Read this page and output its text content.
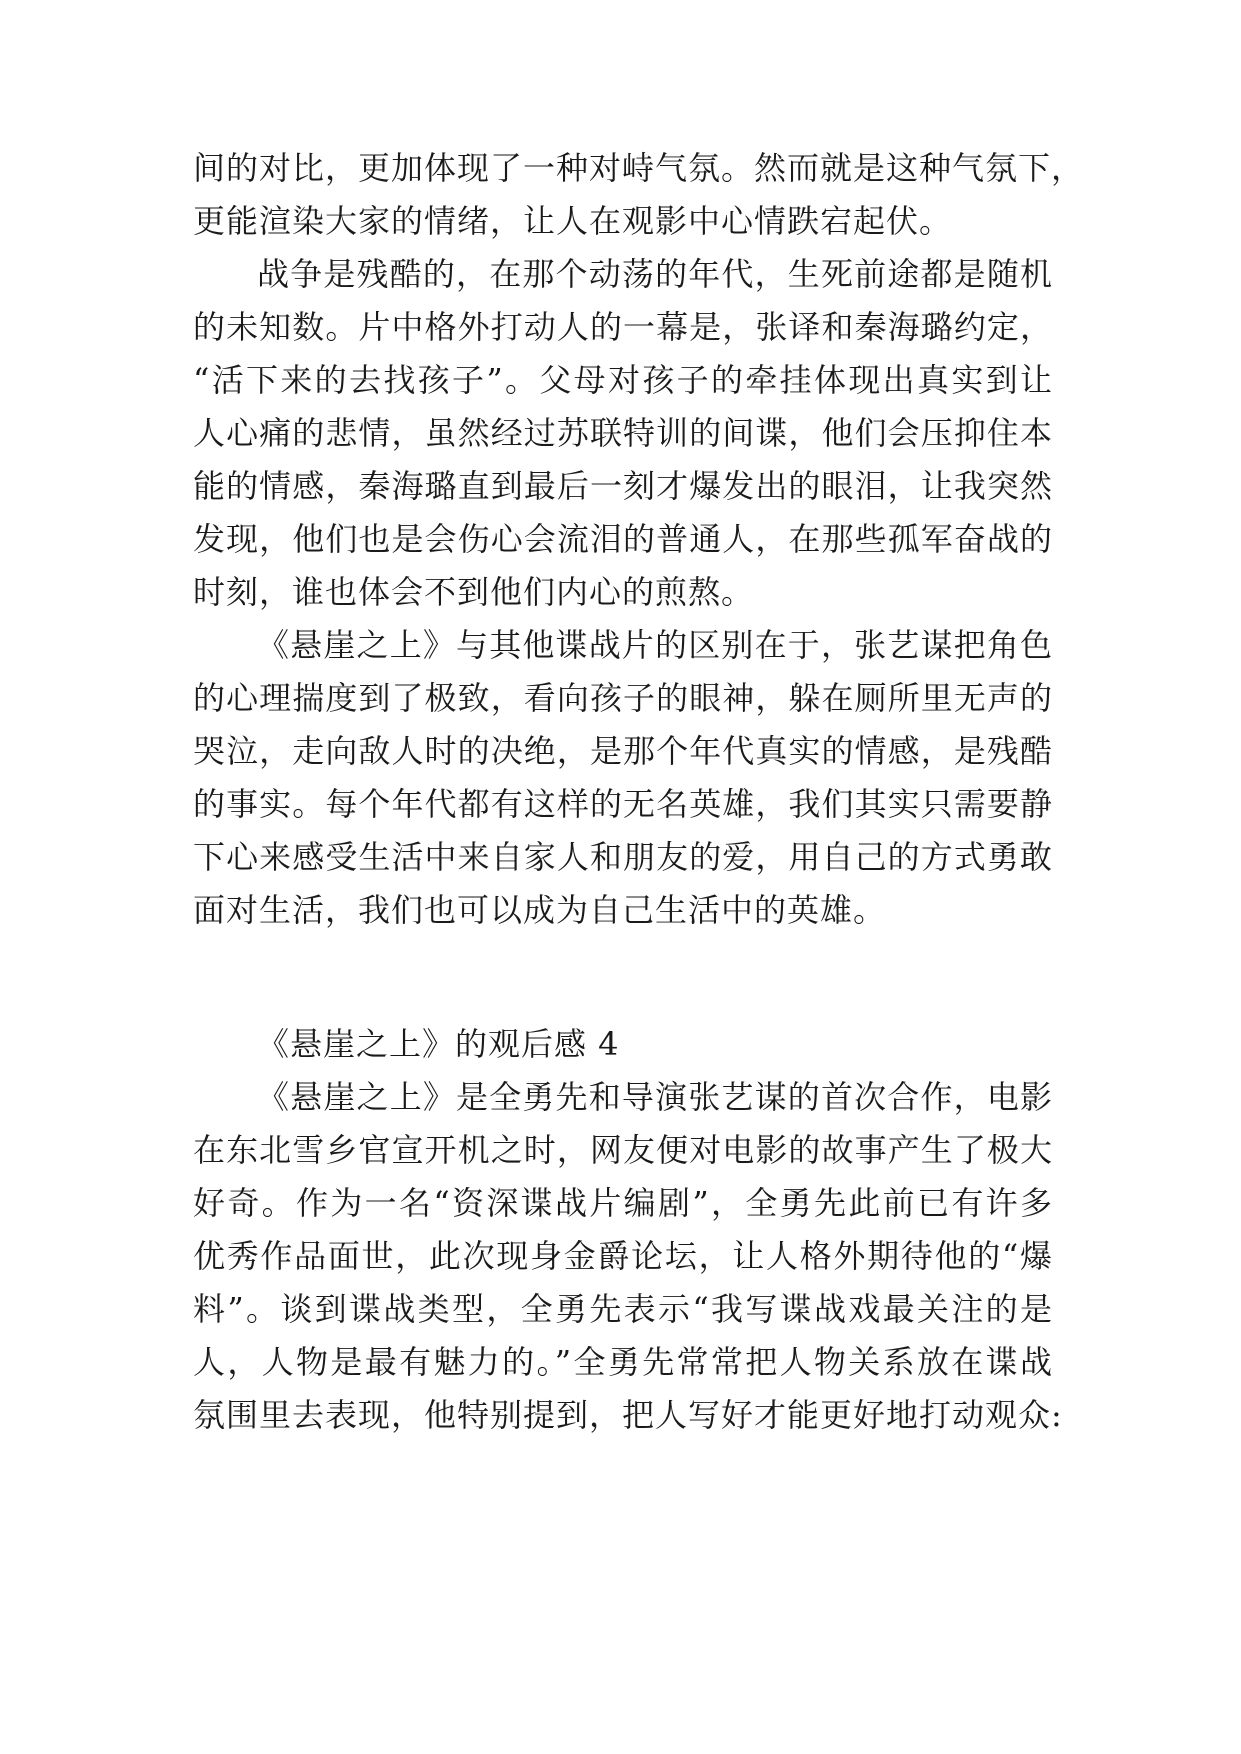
间的对比，更加体现了一种对峙气氛。然而就是这种气氛下，
更能渲染大家的情绪，让人在观影中心情跌宕起伏。
战争是残酷的，在那个动荡的年代，生死前途都是随机
的未知数。片中格外打动人的一幕是，张译和秦海璐约定，
“活下来的去找孩子”。父母对孩子的牵挂体现出真实到让
人心痛的悲情，虽然经过苏联特训的间谍，他们会压抑住本
能的情感，秦海璐直到最后一刻才爆发出的眼泪，让我突然
发现，他们也是会伤心会流泪的普通人，在那些孤军奋战的
时刻，谁也体会不到他们内心的煎熬。
《悬崖之上》与其他谍战片的区别在于，张艺谋把角色
的心理揣度到了极致，看向孩子的眼神，躲在厕所里无声的
哭泣，走向敌人时的决绝，是那个年代真实的情感，是残酷
的事实。每个年代都有这样的无名英雄，我们其实只需要静
下心来感受生活中来自家人和朋友的爱，用自己的方式勇敢
面对生活，我们也可以成为自己生活中的英雄。
《悬崖之上》的观后感 4
《悬崖之上》是全勇先和导演张艺谋的首次合作，电影
在东北雪乡官宣开机之时，网友便对电影的故事产生了极大
好奇。作为一名“资深谍战片编剧”，全勇先此前已有许多
优秀作品面世，此次现身金爵论坛，让人格外期待他的“爆
料”。谈到谍战类型，全勇先表示“我写谍战戏最关注的是
人，人物是最有魅力的。”全勇先常常把人物关系放在谍战
氛围里去表现，他特别提到，把人写好才能更好地打动观众:
